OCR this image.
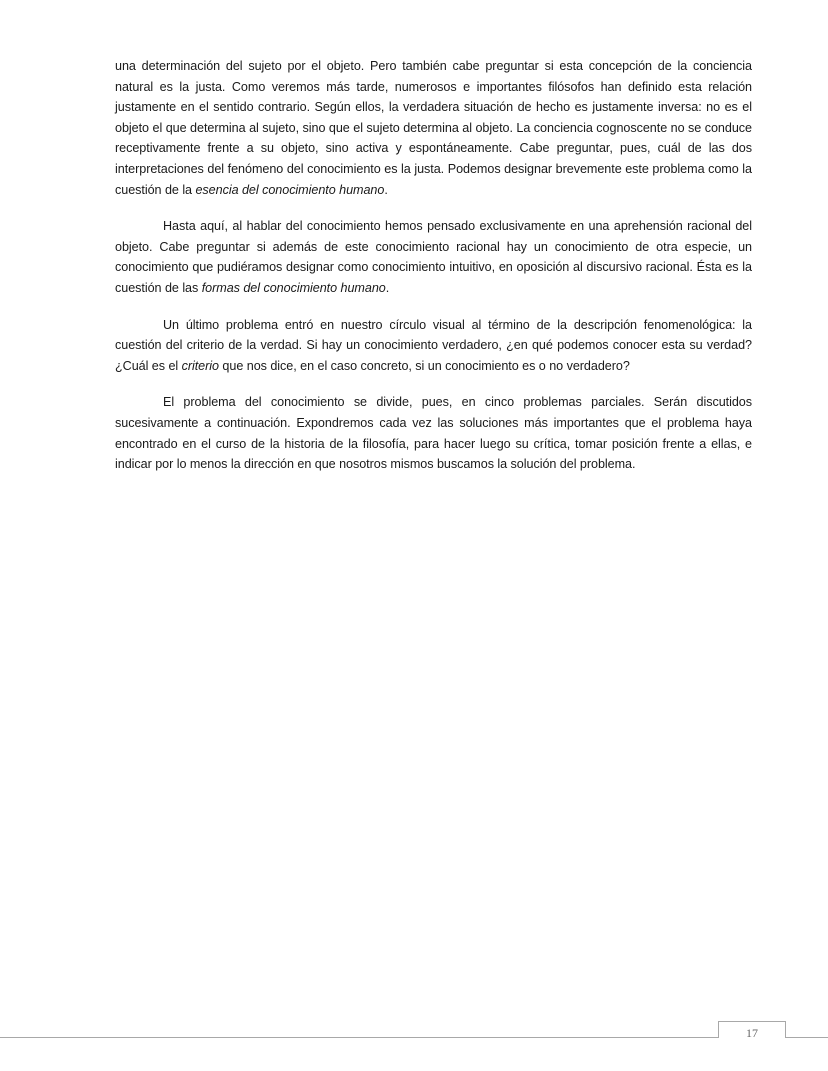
una determinación del sujeto por el objeto. Pero también cabe preguntar si esta concepción de la conciencia natural es la justa. Como veremos más tarde, numerosos e importantes filósofos han definido esta relación justamente en el sentido contrario. Según ellos, la verdadera situación de hecho es justamente inversa: no es el objeto el que determina al sujeto, sino que el sujeto determina al objeto. La conciencia cognoscente no se conduce receptivamente frente a su objeto, sino activa y espontáneamente. Cabe preguntar, pues, cuál de las dos interpretaciones del fenómeno del conocimiento es la justa. Podemos designar brevemente este problema como la cuestión de la esencia del conocimiento humano.

Hasta aquí, al hablar del conocimiento hemos pensado exclusivamente en una aprehensión racional del objeto. Cabe preguntar si además de este conocimiento racional hay un conocimiento de otra especie, un conocimiento que pudiéramos designar como conocimiento intuitivo, en oposición al discursivo racional. Ésta es la cuestión de las formas del conocimiento humano.

Un último problema entró en nuestro círculo visual al término de la descripción fenomenológica: la cuestión del criterio de la verdad. Si hay un conocimiento verdadero, ¿en qué podemos conocer esta su verdad? ¿Cuál es el criterio que nos dice, en el caso concreto, si un conocimiento es o no verdadero?

El problema del conocimiento se divide, pues, en cinco problemas parciales. Serán discutidos sucesivamente a continuación. Expondremos cada vez las soluciones más importantes que el problema haya encontrado en el curso de la historia de la filosofía, para hacer luego su crítica, tomar posición frente a ellas, e indicar por lo menos la dirección en que nosotros mismos buscamos la solución del problema.

17
